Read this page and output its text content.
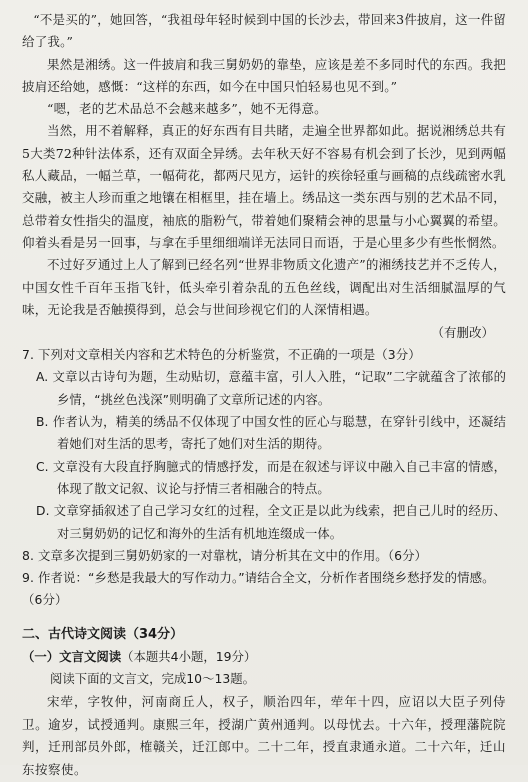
“不是买的”，她回答，“我祖母年轻时候到中国的长沙去，带回来3件披肩，这一件留给了我。”

果然是湘绣。这一件披肩和我三舅奶奶的靠垫，应该是差不多同时代的东西。我把披肩还给她，感慨：“这样的东西，如今在中国只怕轻易也见不到。”

“嗯，老的艺术品总不会越来越多”，她不无得意。

当然，用不着解释，真正的好东西有目共睹，走遍全世界都如此。据说湘绣总共有5大类72种针法体系，还有双面全异绣。去年秋天好不容易有机会到了长沙，见到两幅私人藏品，一幅兰草，一幅荷花，都两尺见方，运针的疾徐轻重与画稿的点线疏密水乳交融，被主人珍而重之地镶在相框里，挂在墙上。绣品这一类东西与别的艺术品不同，总带着女性指尖的温度，袖底的脂粉气，带着她们聚精会神的思量与小心翼翼的希望。仰着头看是另一回事，与拿在手里细细端详无法同日而语，于是心里多少有些怅惘然。

不过好歹通过上人了解到已经名列“世界非物质文化遗产”的湘绣技艺并不乏传人，中国女性千百年玉指飞针，低头牵引着杂乱的五色丝线，调配出对生活细腻温厚的气味，无论我是否触摸得到，总会与世间珍视它们的人深情相遇。

（有删改）

7. 下列对文章相关内容和艺术特色的分析鉴赏，不正确的一项是（3分）

A. 文章以古诗句为题，生动贴切，意蕴丰富，引人入胜，“记取”二字就蕴含了浓郁的乡情，“挑丝色浅深”则明确了文章所记述的内容。

B. 作者认为，精美的绣品不仅体现了中国女性的匠心与聪慧，在穿针引线中，还凝结着她们对生活的思考，寄托了她们对生活的期待。

C. 文章没有大段直抒胸臆式的情感抒发，而是在叙述与评议中融入自己丰富的情感，体现了散文记叙、议论与抒情三者相融合的特点。

D. 文章穿插叙述了自己学习女红的过程，全文正是以此为线索，把自己儿时的经历、对三舅奶奶的记忆和海外的生活有机地连缀成一体。

8. 文章多次提到三舅奶奶家的一对靠枕，请分析其在文中的作用。（6分）

9. 作者说：“乡愁是我最大的写作动力。”请结合全文，分析作者围绕乡愁抒发的情感。（6分）

二、古代诗文阅读（34分）

（一）文言文阅读（本题共4小题，19分）

阅读下面的文言文，完成10～13题。

宋荦，字牧仲，河南商丘人，权子，顺治四年，荦年十四，应诏以大臣子列侍卫。逾岁，试授通判。康熙三年，授湖广黄州通判。以母忧去。十六年，授理藩院院判，迁刑部员外郎，榷赣关，迁江郎中。二十二年，授直隶通永道。二十六年，迁山东按察使。
